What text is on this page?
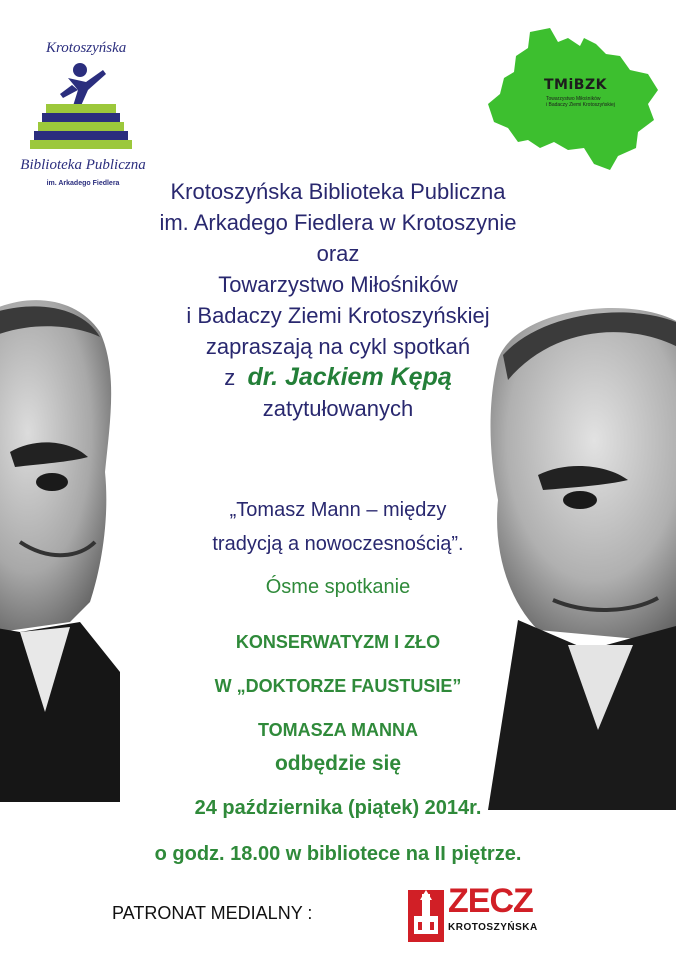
Krotoszyńska
Biblioteka Publiczna
im. Arkadego Fiedlera
TMiBZK
Towarzystwo Miłośników
i Badaczy Ziemi Krotoszyńskiej
Krotoszyńska Biblioteka Publiczna
im. Arkadego Fiedlera w Krotoszynie
oraz
Towarzystwo Miłośników
i Badaczy Ziemi Krotoszyńskiej
zapraszają na cykl spotkań
z dr. Jackiem Kępą
zatytułowanych
„Tomasz Mann – między
tradycją a nowoczesnością”.
Ósme spotkanie
KONSERWATYZM I ZŁO
W „DOKTORZE FAUSTUSIE”
TOMASZA MANNA
odbędzie się
24 października (piątek) 2014r.
o godz. 18.00 w bibliotece na II piętrze.
PATRONAT MEDIALNY :	ZECZ
KROTOSZYŃSKA
